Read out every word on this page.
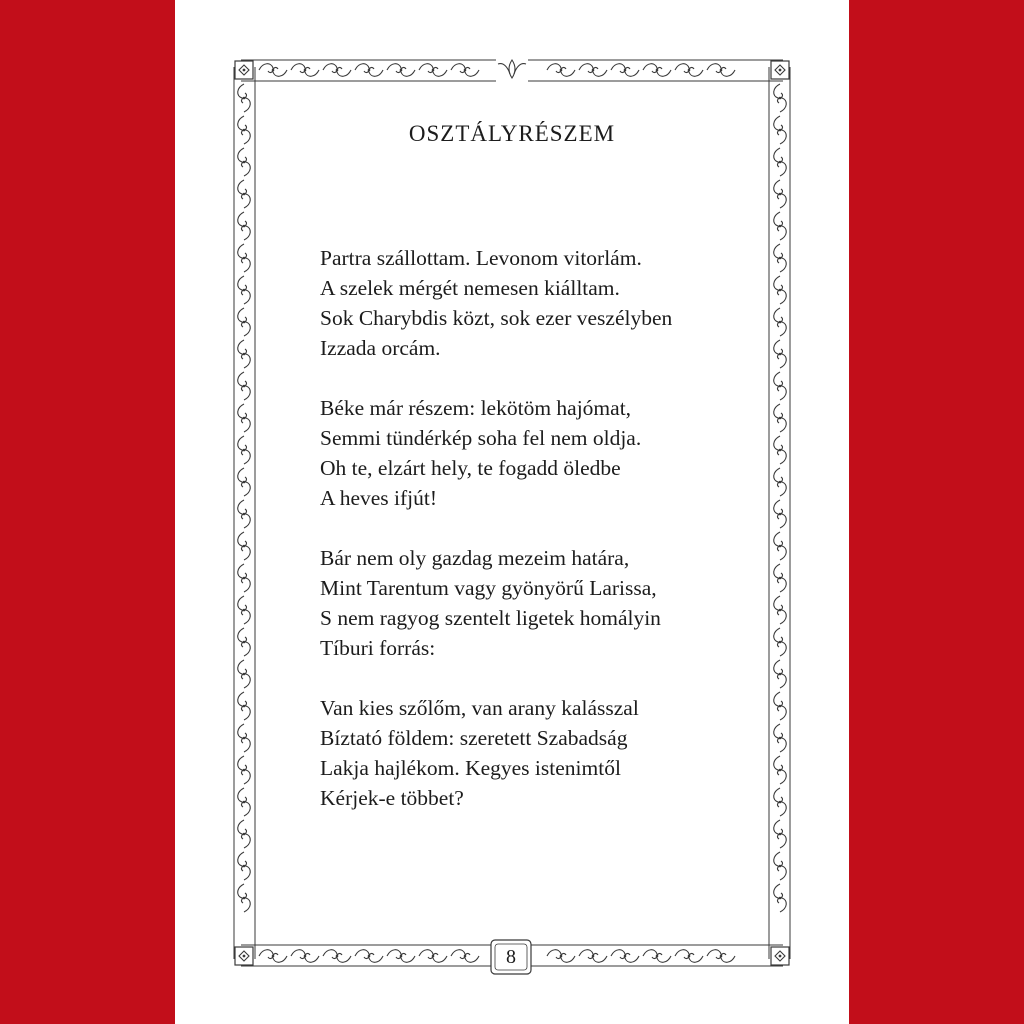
OSZTÁLYRÉSZEM
Partra szállottam. Levonom vitorlám.
A szelek mérgét nemesen kiálltam.
Sok Charybdis közt, sok ezer veszélyben
Izzada orcám.
Béke már részem: lekötöm hajómat,
Semmi tündérkép soha fel nem oldja.
Oh te, elzárt hely, te fogadd öledbe
A heves ifjút!
Bár nem oly gazdag mezeim határa,
Mint Tarentum vagy gyönyörű Larissa,
S nem ragyog szentelt ligetek homályin
Tíburi forrás:
Van kies szőlőm, van arany kalásszal
Bíztató földem: szeretett Szabadság
Lakja hajlékom. Kegyes istenimtől
Kérjek-e többet?
8
